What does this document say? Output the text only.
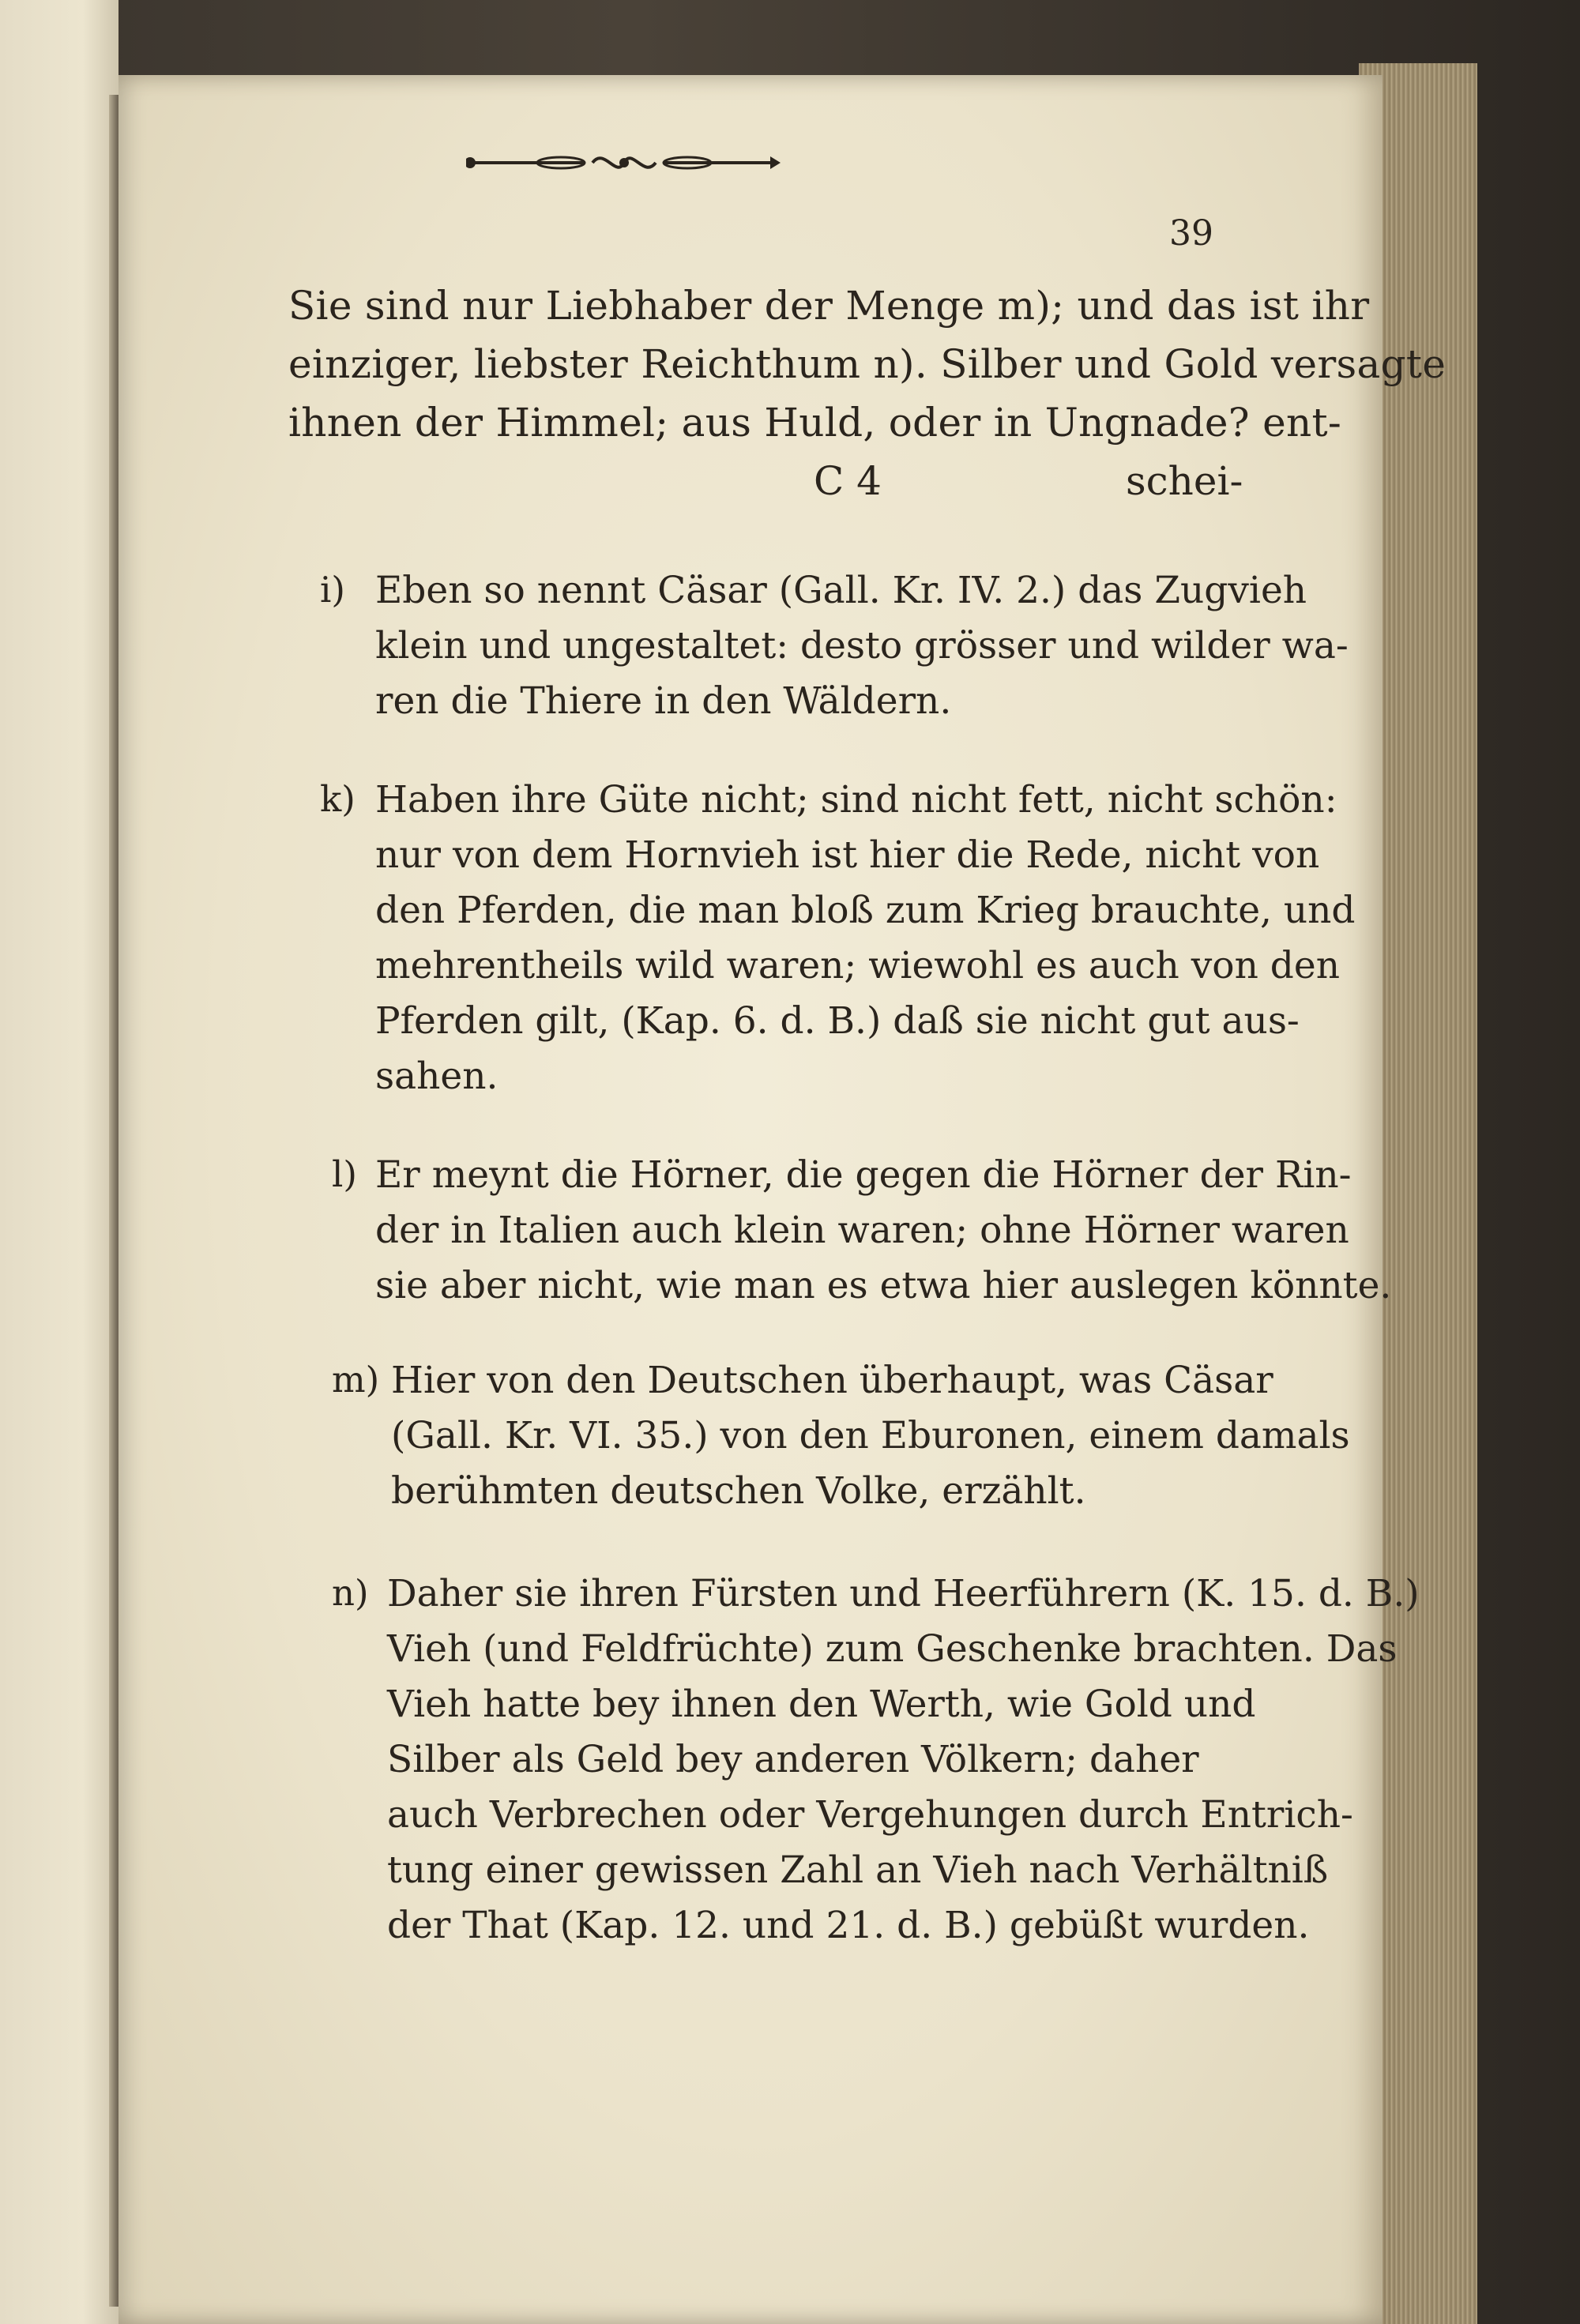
39
Sie sind nur Liebhaber der Menge m); und das ist ihr
einziger, liebster Reichthum n). Silber und Gold versagte
ihnen der Himmel; aus Huld, oder in Ungnade? ent-
C 4	schei-
i) Eben so nennt Cäsar (Gall. Kr. IV. 2.) das Zugvieh
klein und ungestaltet: desto grösser und wilder wa-
ren die Thiere in den Wäldern.
k) Haben ihre Güte nicht; sind nicht fett, nicht schön:
nur von dem Hornvieh ist hier die Rede, nicht von
den Pferden, die man bloß zum Krieg brauchte, und
mehrentheils wild waren; wiewohl es auch von den
Pferden gilt, (Kap. 6. d. B.) daß sie nicht gut aus-
sahen.
l) Er meynt die Hörner, die gegen die Hörner der Rin-
der in Italien auch klein waren; ohne Hörner waren
sie aber nicht, wie man es etwa hier auslegen könnte.
m) Hier von den Deutschen überhaupt, was Cäsar
(Gall. Kr. VI. 35.) von den Eburonen, einem damals
berühmten deutschen Volke, erzählt.
n) Daher sie ihren Fürsten und Heerführern (K. 15. d. B.)
Vieh (und Feldfrüchte) zum Geschenke brachten. Das
Vieh hatte bey ihnen den Werth, wie Gold und
Silber als Geld bey anderen Völkern; daher
auch Verbrechen oder Vergehungen durch Entrich-
tung einer gewissen Zahl an Vieh nach Verhältniß
der That (Kap. 12. und 21. d. B.) gebüßt wurden.
